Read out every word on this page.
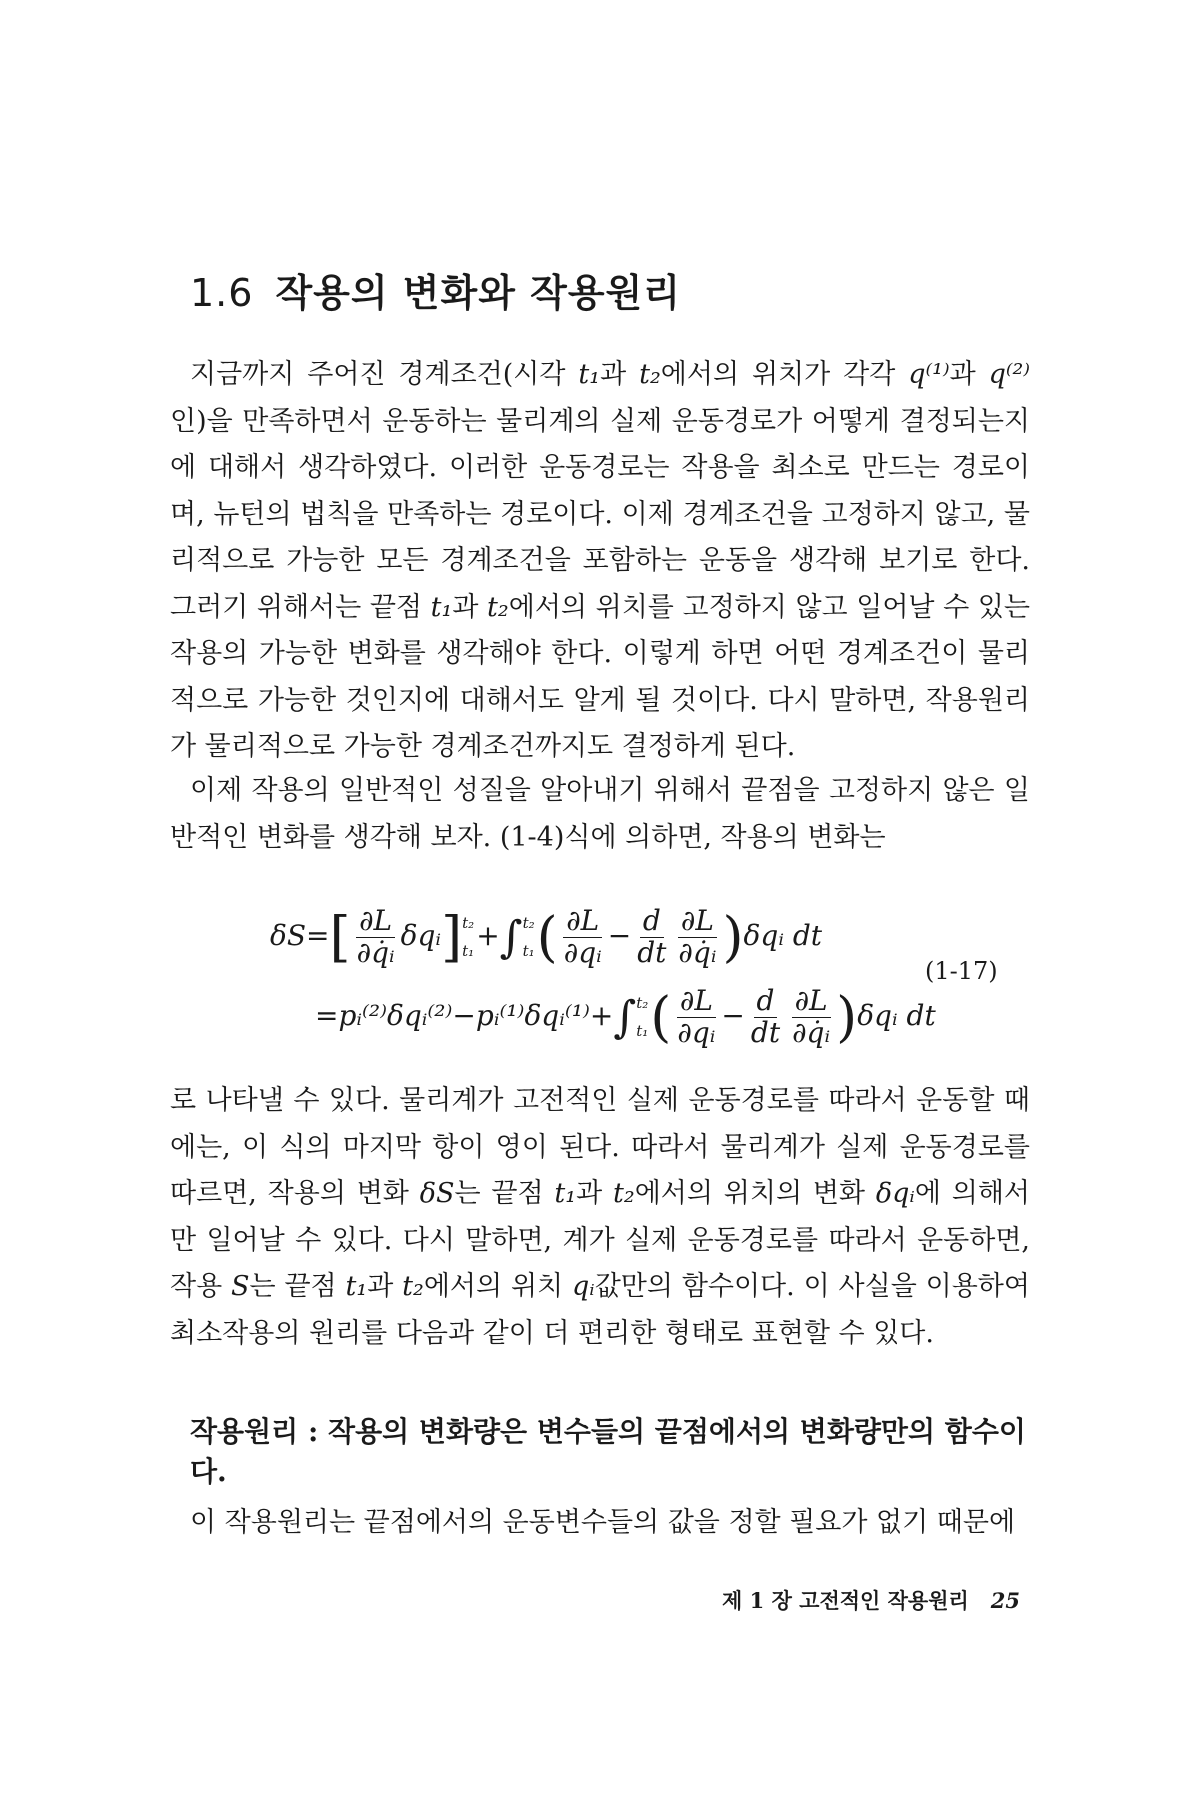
1.6 작용의 변화와 작용원리

지금까지 주어진 경계조건(시각 t₁과 t₂에서의 위치가 각각 q⁽¹⁾과 q⁽²⁾ 인)을 만족하면서 운동하는 물리계의 실제 운동경로가 어떻게 결정되는지에 대해서 생각하였다. 이러한 운동경로는 작용을 최소로 만드는 경로이며, 뉴턴의 법칙을 만족하는 경로이다. 이제 경계조건을 고정하지 않고, 물리적으로 가능한 모든 경계조건을 포함하는 운동을 생각해 보기로 한다. 그러기 위해서는 끝점 t₁과 t₂에서의 위치를 고정하지 않고 일어날 수 있는 작용의 가능한 변화를 생각해야 한다. 이렇게 하면 어떤 경계조건이 물리적으로 가능한 것인지에 대해서도 알게 될 것이다. 다시 말하면, 작용원리가 물리적으로 가능한 경계조건까지도 결정하게 된다.

이제 작용의 일반적인 성질을 알아내기 위해서 끝점을 고정하지 않은 일반적인 변화를 생각해 보자. (1-4)식에 의하면, 작용의 변화는

$\delta S=[ \frac{\partial L}{\text{∂q̇ᵢ}}$ δqᵢ] t₂
t₁ +∫ t₂
t₁ ( $\frac{\partial L}{\text{∂qᵢ}} - \frac{d}{dt} \frac{\partial L}{\text{∂q̇ᵢ}}$ )δqᵢ dt
=pᵢ⁽²⁾δqᵢ⁽²⁾−pᵢ⁽¹⁾δqᵢ⁽¹⁾+∫ t₂
t₁ ( $\frac{\partial L}{\text{∂qᵢ}} - \frac{d}{dt} \frac{\partial L}{\text{∂q̇ᵢ}}$ )δqᵢ dt
(1-17)

로 나타낼 수 있다. 물리계가 고전적인 실제 운동경로를 따라서 운동할 때에는, 이 식의 마지막 항이 영이 된다. 따라서 물리계가 실제 운동경로를 따르면, 작용의 변화 δS는 끝점 t₁과 t₂에서의 위치의 변화 δqᵢ에 의해서만 일어날 수 있다. 다시 말하면, 계가 실제 운동경로를 따라서 운동하면, 작용 S는 끝점 t₁과 t₂에서의 위치 qᵢ값만의 함수이다. 이 사실을 이용하여 최소작용의 원리를 다음과 같이 더 편리한 형태로 표현할 수 있다.

작용원리 : 작용의 변화량은 변수들의 끝점에서의 변화량만의 함수이다.

이 작용원리는 끝점에서의 운동변수들의 값을 정할 필요가 없기 때문에

제 1 장 고전적인 작용원리 25
